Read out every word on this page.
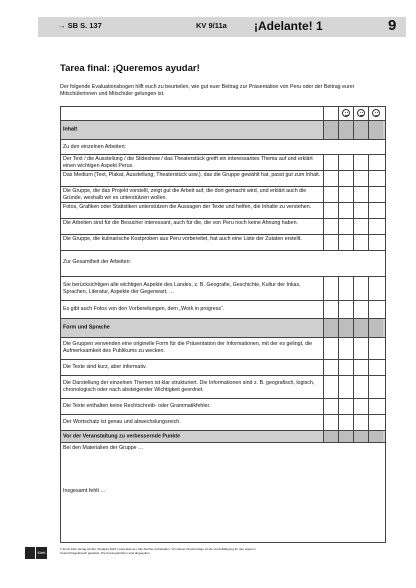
→ SB S. 137	KV 9/11a ¡Adelante! 1	9
Tarea final: ¡Queremos ayudar!
Der folgende Evaluationsbogen hilft euch zu beurteilen, wie gut euer Beitrag zur Präsentation von Peru oder der Beitrag eurer Mitschülerinnen und Mitschüler gelungen ist.
Inhalt
Zu den einzelnen Arbeiten:
Der Text / die Ausstellung / die Slideshow / das Theaterstück greift ein interessantes Thema auf und erklärt einen wichtigen Aspekt Perus.
Das Medium (Text, Plakat, Ausstellung, Theaterstück usw.), das die Gruppe gewählt hat, passt gut zum Inhalt.
Die Gruppe, die das Projekt vorstellt, zeigt gut die Arbeit auf, die dort gemacht wird, und erklärt auch die Gründe, weshalb wir es unterstützen wollen.
Fotos, Grafiken oder Statistiken unterstützen die Aussagen der Texte und helfen, die Inhalte zu verstehen.
Die Arbeiten sind für die Besucher interessant, auch für die, die von Peru noch keine Ahnung haben.
Die Gruppe, die kulinarische Kostproben aus Peru vorbereitet, hat auch eine Liste der Zutaten erstellt.
Zur Gesamtheit der Arbeiten:
Sie berücksichtigen alle wichtigen Aspekte des Landes, z. B. Geografie, Geschichte, Kultur der Inkas, Sprachen, Literatur, Aspekte der Gegenwart, …
Es gibt auch Fotos von den Vorbereitungen, dem „Work in progress“.
Form und Sprache
Die Gruppen verwenden eine originelle Form für die Präsentation der Informationen, mit der es gelingt, die Aufmerksamkeit des Publikums zu wecken.
Die Texte sind kurz, aber informativ.
Die Darstellung der einzelnen Themen ist klar strukturiert. Die Informationen sind z. B. geografisch, logisch, chronologisch oder nach absteigender Wichtigkeit geordnet.
Die Texte enthalten keine Rechtschreib- oder Grammatikfehler.
Der Wortschatz ist genau und abwechslungsreich.
Vor der Veranstaltung zu verbessernde Punkte
Bei den Materialien der Gruppe …
Insgesamt fehlt …
Klett
© Ernst Klett Verlag GmbH, Stuttgart 2015 | www.klett.de | Alle Rechte vorbehalten. Von dieser Druckvorlage ist die Vervielfältigung für den eigenen Unterrichtsgebrauch gestattet. Die Kopiergebühren sind abgegolten.
